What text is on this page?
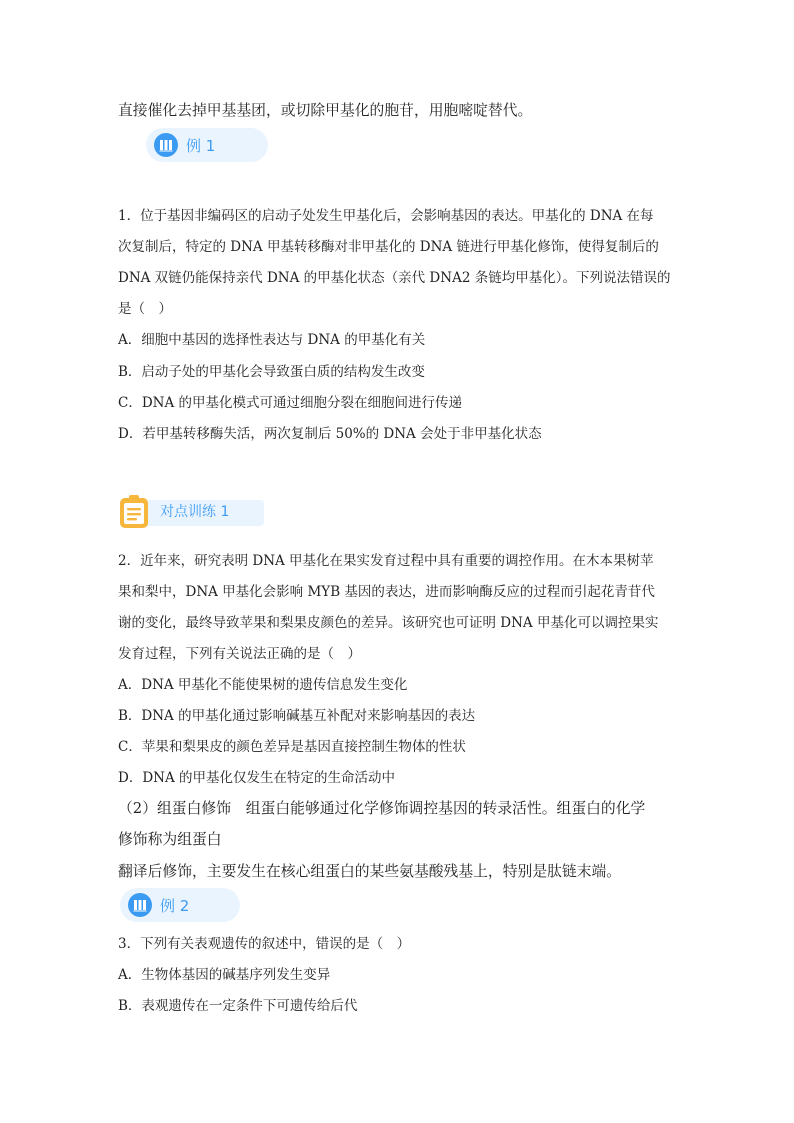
直接催化去掉甲基基团，或切除甲基化的胞苷，用胞嘧啶替代。
例 1
1．位于基因非编码区的启动子处发生甲基化后，会影响基因的表达。甲基化的 DNA 在每
次复制后，特定的 DNA 甲基转移酶对非甲基化的 DNA 链进行甲基化修饰，使得复制后的
DNA 双链仍能保持亲代 DNA 的甲基化状态（亲代 DNA2 条链均甲基化）。下列说法错误的
是（　）
A．细胞中基因的选择性表达与 DNA 的甲基化有关
B．启动子处的甲基化会导致蛋白质的结构发生改变
C．DNA 的甲基化模式可通过细胞分裂在细胞间进行传递
D．若甲基转移酶失活，两次复制后 50%的 DNA 会处于非甲基化状态
对点训练 1
2．近年来，研究表明 DNA 甲基化在果实发育过程中具有重要的调控作用。在木本果树苹
果和梨中，DNA 甲基化会影响 MYB 基因的表达，进而影响酶反应的过程而引起花青苷代
谢的变化，最终导致苹果和梨果皮颜色的差异。该研究也可证明 DNA 甲基化可以调控果实
发育过程，下列有关说法正确的是（　）
A．DNA 甲基化不能使果树的遗传信息发生变化
B．DNA 的甲基化通过影响碱基互补配对来影响基因的表达
C．苹果和梨果皮的颜色差异是基因直接控制生物体的性状
D．DNA 的甲基化仅发生在特定的生命活动中
（2）组蛋白修饰　组蛋白能够通过化学修饰调控基因的转录活性。组蛋白的化学
修饰称为组蛋白
翻译后修饰，主要发生在核心组蛋白的某些氨基酸残基上，特别是肽链末端。
例 2
3．下列有关表观遗传的叙述中，错误的是（　）
A．生物体基因的碱基序列发生变异
B．表观遗传在一定条件下可遗传给后代
